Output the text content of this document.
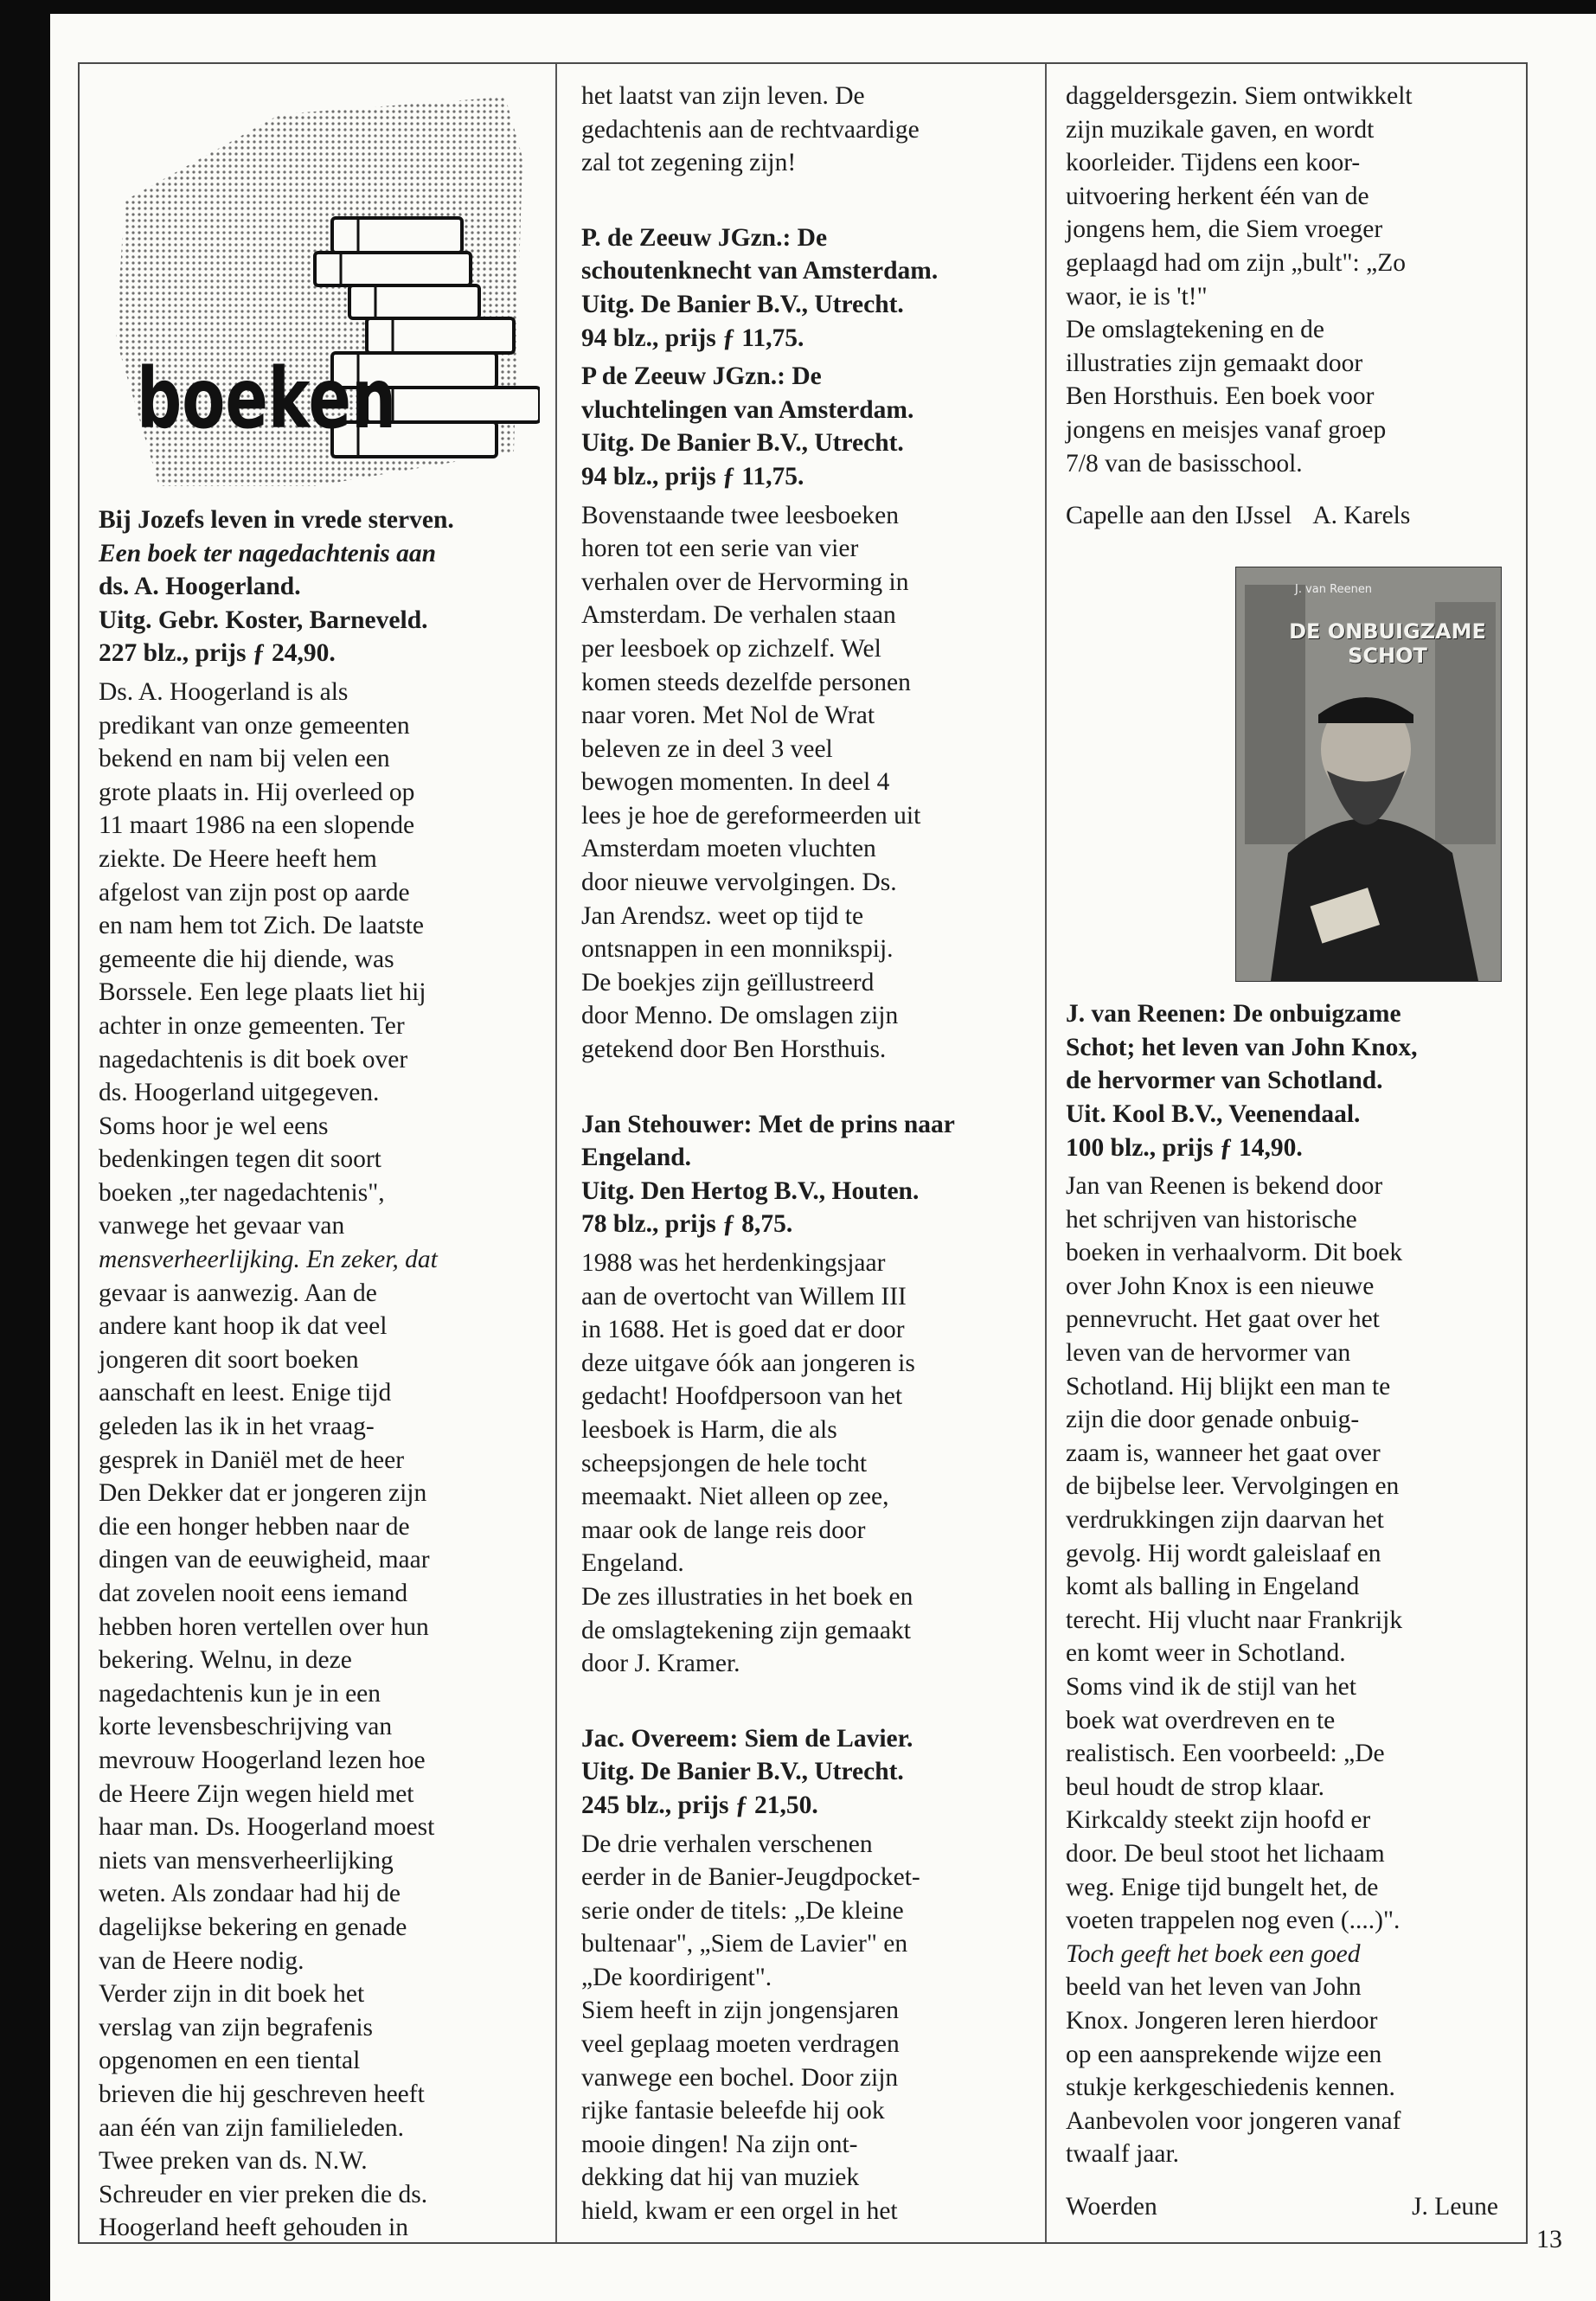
boeken

Bij Jozefs leven in vrede sterven.

Een boek ter nagedachtenis aan

ds. A. Hoogerland.

Uitg. Gebr. Koster, Barneveld.

227 blz., prijs ƒ 24,90.

Ds. A. Hoogerland is als

predikant van onze gemeenten

bekend en nam bij velen een

grote plaats in. Hij overleed op

11 maart 1986 na een slopende

ziekte. De Heere heeft hem

afgelost van zijn post op aarde

en nam hem tot Zich. De laatste

gemeente die hij diende, was

Borssele. Een lege plaats liet hij

achter in onze gemeenten. Ter

nagedachtenis is dit boek over

ds. Hoogerland uitgegeven.

Soms hoor je wel eens

bedenkingen tegen dit soort

boeken „ter nagedachtenis",

vanwege het gevaar van

mensverheerlijking. En zeker, dat

gevaar is aanwezig. Aan de

andere kant hoop ik dat veel

jongeren dit soort boeken

aanschaft en leest. Enige tijd

geleden las ik in het vraag-

gesprek in Daniël met de heer

Den Dekker dat er jongeren zijn

die een honger hebben naar de

dingen van de eeuwigheid, maar

dat zovelen nooit eens iemand

hebben horen vertellen over hun

bekering. Welnu, in deze

nagedachtenis kun je in een

korte levensbeschrijving van

mevrouw Hoogerland lezen hoe

de Heere Zijn wegen hield met

haar man. Ds. Hoogerland moest

niets van mensverheerlijking

weten. Als zondaar had hij de

dagelijkse bekering en genade

van de Heere nodig.

Verder zijn in dit boek het

verslag van zijn begrafenis

opgenomen en een tiental

brieven die hij geschreven heeft

aan één van zijn familieleden.

Twee preken van ds. N.W.

Schreuder en vier preken die ds.

Hoogerland heeft gehouden in

het laatst van zijn leven. De

gedachtenis aan de rechtvaardige

zal tot zegening zijn!

P. de Zeeuw JGzn.: De

schoutenknecht van Amsterdam.

Uitg. De Banier B.V., Utrecht.

94 blz., prijs ƒ 11,75.

P de Zeeuw JGzn.: De

vluchtelingen van Amsterdam.

Uitg. De Banier B.V., Utrecht.

94 blz., prijs ƒ 11,75.

Bovenstaande twee leesboeken

horen tot een serie van vier

verhalen over de Hervorming in

Amsterdam. De verhalen staan

per leesboek op zichzelf. Wel

komen steeds dezelfde personen

naar voren. Met Nol de Wrat

beleven ze in deel 3 veel

bewogen momenten. In deel 4

lees je hoe de gereformeerden uit

Amsterdam moeten vluchten

door nieuwe vervolgingen. Ds.

Jan Arendsz. weet op tijd te

ontsnappen in een monnikspij.

De boekjes zijn geïllustreerd

door Menno. De omslagen zijn

getekend door Ben Horsthuis.

Jan Stehouwer: Met de prins naar

Engeland.

Uitg. Den Hertog B.V., Houten.

78 blz., prijs ƒ 8,75.

1988 was het herdenkingsjaar

aan de overtocht van Willem III

in 1688. Het is goed dat er door

deze uitgave óók aan jongeren is

gedacht! Hoofdpersoon van het

leesboek is Harm, die als

scheepsjongen de hele tocht

meemaakt. Niet alleen op zee,

maar ook de lange reis door

Engeland.

De zes illustraties in het boek en

de omslagtekening zijn gemaakt

door J. Kramer.

Jac. Overeem: Siem de Lavier.

Uitg. De Banier B.V., Utrecht.

245 blz., prijs ƒ 21,50.

De drie verhalen verschenen

eerder in de Banier-Jeugdpocket-

serie onder de titels: „De kleine

bultenaar", „Siem de Lavier" en

„De koordirigent".

Siem heeft in zijn jongensjaren

veel geplaag moeten verdragen

vanwege een bochel. Door zijn

rijke fantasie beleefde hij ook

mooie dingen! Na zijn ont-

dekking dat hij van muziek

hield, kwam er een orgel in het

daggeldersgezin. Siem ontwikkelt

zijn muzikale gaven, en wordt

koorleider. Tijdens een koor-

uitvoering herkent één van de

jongens hem, die Siem vroeger

geplaagd had om zijn „bult": „Zo

waor, ie is 't!"

De omslagtekening en de

illustraties zijn gemaakt door

Ben Horsthuis. Een boek voor

jongens en meisjes vanaf groep

7/8 van de basisschool.

Capelle aan den IJssel A. Karels
J. van Reenen
DE ONBUIGZAME SCHOT

J. van Reenen: De onbuigzame

Schot; het leven van John Knox,

de hervormer van Schotland.

Uit. Kool B.V., Veenendaal.

100 blz., prijs ƒ 14,90.

Jan van Reenen is bekend door

het schrijven van historische

boeken in verhaalvorm. Dit boek

over John Knox is een nieuwe

pennevrucht. Het gaat over het

leven van de hervormer van

Schotland. Hij blijkt een man te

zijn die door genade onbuig-

zaam is, wanneer het gaat over

de bijbelse leer. Vervolgingen en

verdrukkingen zijn daarvan het

gevolg. Hij wordt galeislaaf en

komt als balling in Engeland

terecht. Hij vlucht naar Frankrijk

en komt weer in Schotland.

Soms vind ik de stijl van het

boek wat overdreven en te

realistisch. Een voorbeeld: „De

beul houdt de strop klaar.

Kirkcaldy steekt zijn hoofd er

door. De beul stoot het lichaam

weg. Enige tijd bungelt het, de

voeten trappelen nog even (....)".

Toch geeft het boek een goed

beeld van het leven van John

Knox. Jongeren leren hierdoor

op een aansprekende wijze een

stukje kerkgeschiedenis kennen.

Aanbevolen voor jongeren vanaf

twaalf jaar.

Woerden	J. Leune
13
